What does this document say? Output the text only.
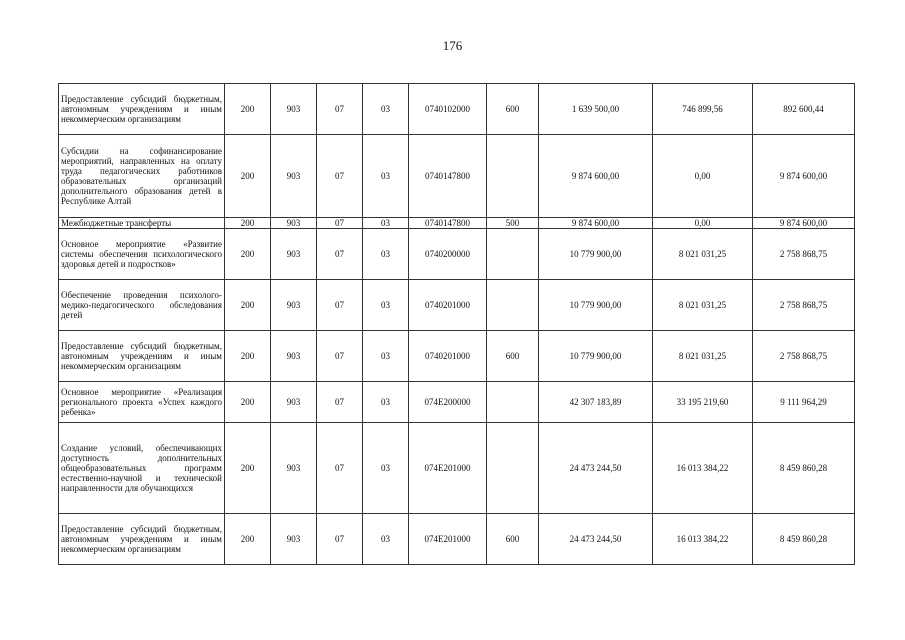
176
Предоставление субсидий бюджетным, автономным учреждениям и иным некоммерческим организациям	200	903	07	03	0740102000	600	1 639 500,00	746 899,56	892 600,44
Субсидии на софинансирование мероприятий, направленных на оплату труда педагогических работников образовательных организаций дополнительного образования детей в Республике Алтай	200	903	07	03	0740147800		9 874 600,00	0,00	9 874 600,00
Межбюджетные трансферты	200	903	07	03	0740147800	500	9 874 600,00	0,00	9 874 600,00
Основное мероприятие «Развитие системы обеспечения психологического здоровья детей и подростков»	200	903	07	03	0740200000		10 779 900,00	8 021 031,25	2 758 868,75
Обеспечение проведения психолого-медико-педагогического обследования детей	200	903	07	03	0740201000		10 779 900,00	8 021 031,25	2 758 868,75
Предоставление субсидий бюджетным, автономным учреждениям и иным некоммерческим организациям	200	903	07	03	0740201000	600	10 779 900,00	8 021 031,25	2 758 868,75
Основное мероприятие «Реализация регионального проекта «Успех каждого ребенка»	200	903	07	03	074E200000		42 307 183,89	33 195 219,60	9 111 964,29
Создание условий, обеспечивающих доступность дополнительных общеобразовательных программ естественно-научной и технической направленности для обучающихся	200	903	07	03	074E201000		24 473 244,50	16 013 384,22	8 459 860,28
Предоставление субсидий бюджетным, автономным учреждениям и иным некоммерческим организациям	200	903	07	03	074E201000	600	24 473 244,50	16 013 384,22	8 459 860,28
